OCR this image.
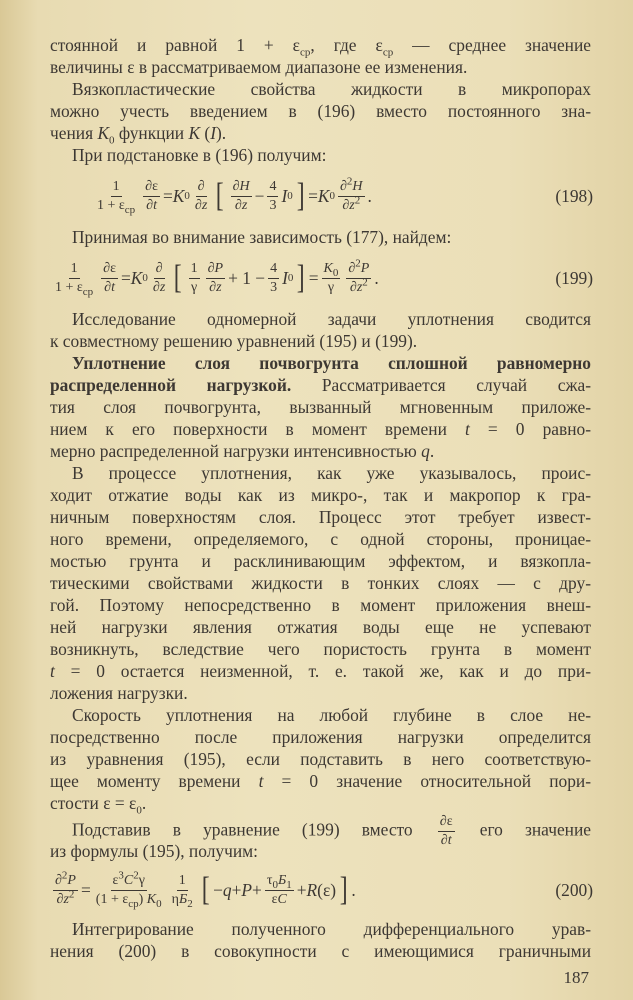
стоянной и равной $1 + \varepsilon_{ср}$, где $\varepsilon_{ср}$ — среднее значение
величины ε в рассматриваемом диапазоне ее изменения.
Вязкопластические свойства жидкости в микропорах
можно учесть введением в (196) вместо постоянного зна-
чения $K_0$ функции K (I).
При подстановке в (196) получим:
1
$1 + \varepsilon_{ср} \frac{\partial\varepsilon}{\partial t} = K$ 0
∂
∂z [ $\frac{\partial H}{\partial z} - \frac{4}{3}$ I 0 ] = K $0 \frac{\partial^2H}{\partial z^2}$ .	(198)
Принимая во внимание зависимость (177), найдем:
1
$1 + \varepsilon_{ср} \frac{\partial\varepsilon}{\partial t} = K$ 0
∂
∂z [ $\frac{1}{\gamma} \frac{\partial P}{\partial z} + 1 - \frac{4}{3}$ I 0 ] = $\frac{K_0}{\gamma} \frac{\partial^2P}{\partial z^2}$ .	(199)
Исследование одномерной задачи уплотнения сводится
к совместному решению уравнений (195) и (199).
Уплотнение слоя почвогрунта сплошной равномерно
распределенной нагрузкой. Рассматривается случай сжа-
тия слоя почвогрунта, вызванный мгновенным приложе-
нием к его поверхности в момент времени t = 0 равно-
мерно распределенной нагрузки интенсивностью q.
В процессе уплотнения, как уже указывалось, проис-
ходит отжатие воды как из микро-, так и макропор к гра-
ничным поверхностям слоя. Процесс этот требует извест-
ного времени, определяемого, с одной стороны, проницае-
мостью грунта и расклинивающим эффектом, и вязкопла-
тическими свойствами жидкости в тонких слоях — с дру-
гой. Поэтому непосредственно в момент приложения внеш-
ней нагрузки явления отжатия воды еще не успевают
возникнуть, вследствие чего пористость грунта в момент
t = 0 остается неизменной, т. е. такой же, как и до при-
ложения нагрузки.
Скорость уплотнения на любой глубине в слое не-
посредственно после приложения нагрузки определится
из уравнения (195), если подставить в него соответствую-
щее моменту времени t = 0 значение относительной пори-
стости $\varepsilon = \varepsilon_0$.
Подставив в уравнение (199) вместо $\frac{\partial\varepsilon}{\partial t}$ его значение
из формулы (195), получим:
$\frac{\partial^2P}{\partial z^2} = \varepsilon^3C^2\gamma$
$(1 + \varepsilon_{ср})$ $K_0$
1
$\eta Б_2$ [ − $q + P + \tau_0Б_1$
εC + R (ε) ] .	(200)
Интегрирование полученного дифференциального урав-
нения (200) в совокупности с имеющимися граничными
187
